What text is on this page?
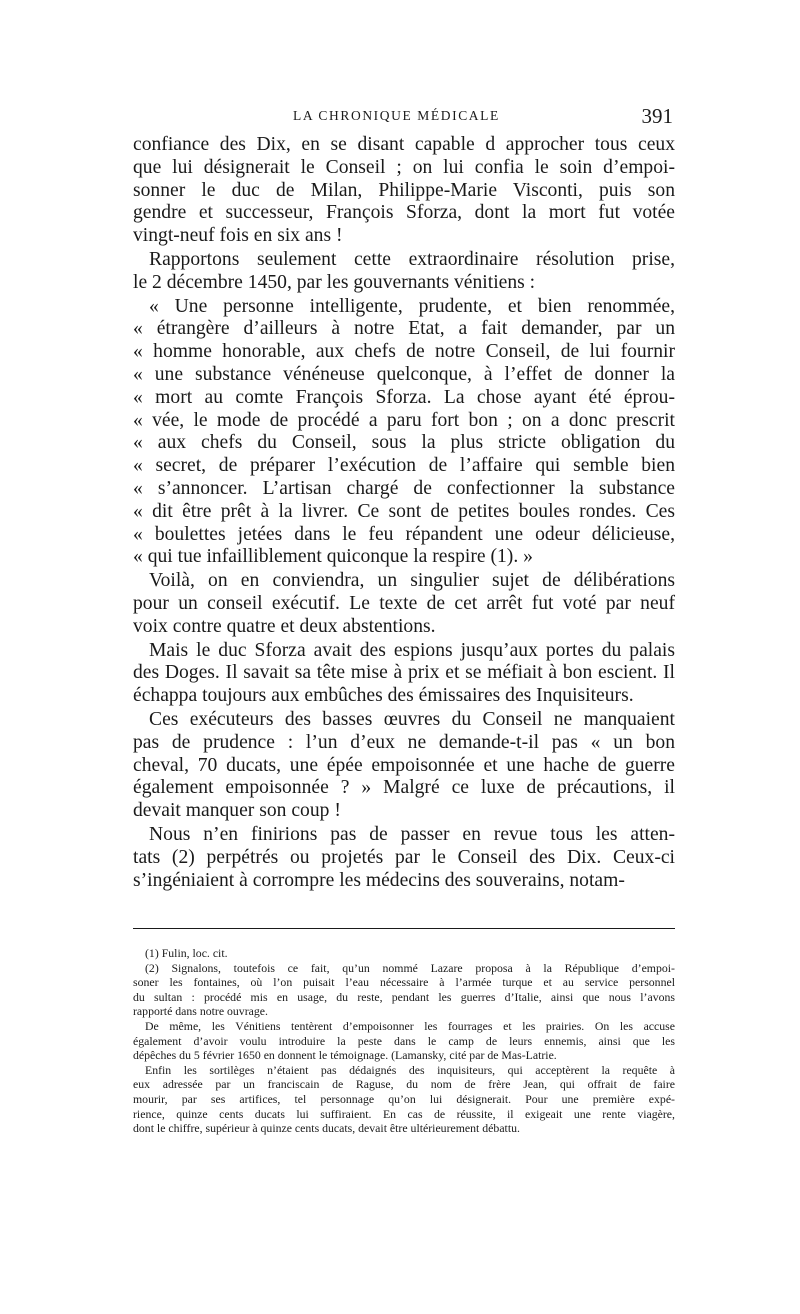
LA CHRONIQUE MÉDICALE	391
confiance des Dix, en se disant capable d approcher tous ceux
que lui désignerait le Conseil ; on lui confia le soin d’empoi-
sonner le duc de Milan, Philippe-Marie Visconti, puis son
gendre et successeur, François Sforza, dont la mort fut votée
vingt-neuf fois en six ans !
Rapportons seulement cette extraordinaire résolution prise,
le 2 décembre 1450, par les gouvernants vénitiens :
« Une personne intelligente, prudente, et bien renommée,
« étrangère d’ailleurs à notre Etat, a fait demander, par un
« homme honorable, aux chefs de notre Conseil, de lui fournir
« une substance vénéneuse quelconque, à l’effet de donner la
« mort au comte François Sforza. La chose ayant été éprou-
« vée, le mode de procédé a paru fort bon ; on a donc prescrit
« aux chefs du Conseil, sous la plus stricte obligation du
« secret, de préparer l’exécution de l’affaire qui semble bien
« s’annoncer. L’artisan chargé de confectionner la substance
« dit être prêt à la livrer. Ce sont de petites boules rondes. Ces
« boulettes jetées dans le feu répandent une odeur délicieuse,
« qui tue infailliblement quiconque la respire (1). »
Voilà, on en conviendra, un singulier sujet de délibérations
pour un conseil exécutif. Le texte de cet arrêt fut voté par neuf
voix contre quatre et deux abstentions.
Mais le duc Sforza avait des espions jusqu’aux portes du palais
des Doges. Il savait sa tête mise à prix et se méfiait à bon escient. Il
échappa toujours aux embûches des émissaires des Inquisiteurs.
Ces exécuteurs des basses œuvres du Conseil ne manquaient
pas de prudence : l’un d’eux ne demande-t-il pas « un bon
cheval, 70 ducats, une épée empoisonnée et une hache de guerre
également empoisonnée ? » Malgré ce luxe de précautions, il
devait manquer son coup !
Nous n’en finirions pas de passer en revue tous les atten-
tats (2) perpétrés ou projetés par le Conseil des Dix. Ceux-ci
s’ingéniaient à corrompre les médecins des souverains, notam-
(1) Fulin, loc. cit.
(2) Signalons, toutefois ce fait, qu’un nommé Lazare proposa à la République d’empoi-
soner les fontaines, où l’on puisait l’eau nécessaire à l’armée turque et au service personnel
du sultan : procédé mis en usage, du reste, pendant les guerres d’Italie, ainsi que nous l’avons
rapporté dans notre ouvrage.
De même, les Vénitiens tentèrent d’empoisonner les fourrages et les prairies. On les accuse
également d’avoir voulu introduire la peste dans le camp de leurs ennemis, ainsi que les
dépêches du 5 février 1650 en donnent le témoignage. (Lamansky, cité par de Mas-Latrie.
Enfin les sortilèges n’étaient pas dédaignés des inquisiteurs, qui acceptèrent la requête à
eux adressée par un franciscain de Raguse, du nom de frère Jean, qui offrait de faire
mourir, par ses artifices, tel personnage qu’on lui désignerait. Pour une première expé-
rience, quinze cents ducats lui suffiraient. En cas de réussite, il exigeait une rente viagère,
dont le chiffre, supérieur à quinze cents ducats, devait être ultérieurement débattu.
